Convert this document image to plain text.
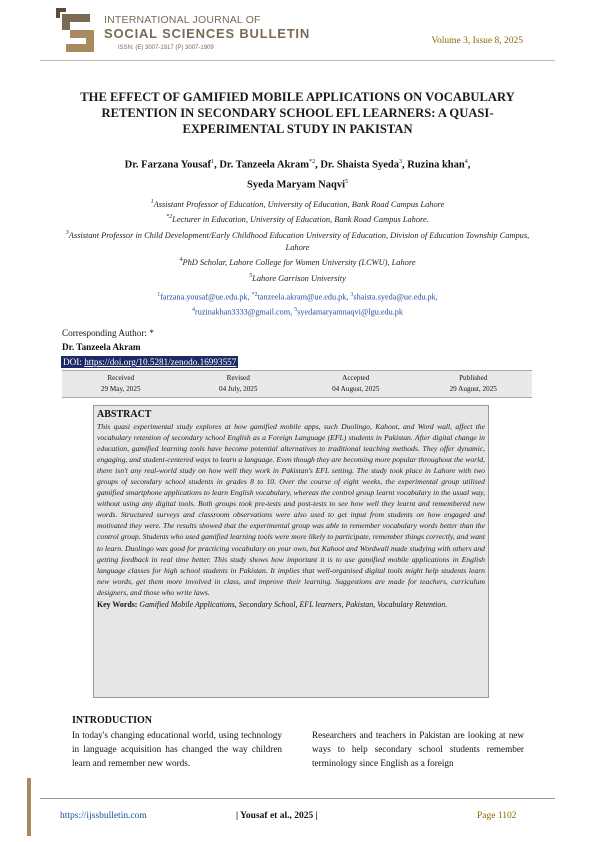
INTERNATIONAL JOURNAL OF
SOCIAL SCIENCES BULLETIN
ISSN: (E) 3007-1917 (P) 3007-1909
Volume 3, Issue 8, 2025
THE EFFECT OF GAMIFIED MOBILE APPLICATIONS ON VOCABULARY
RETENTION IN SECONDARY SCHOOL EFL LEARNERS: A QUASI-
EXPERIMENTAL STUDY IN PAKISTAN
Dr. Farzana Yousaf$^1$, Dr. Tanzeela Akram$^{*2}$, Dr. Shaista Syeda$^3$, Ruzina khan$^4$,
Syeda Maryam Naqvi$^5$
$^1$Assistant Professor of Education, University of Education, Bank Road Campus Lahore
$^{*2}$Lecturer in Education, University of Education, Bank Road Campus Lahore.
$^3$Assistant Professor in Child Development/Early Childhood Education University of Education, Division of Education Township Campus, Lahore
$^4$PhD Scholar, Lahore College for Women University (LCWU), Lahore
$^5$Lahore Garrison University
$^1$farzana.yousaf@ue.edu.pk, $^{*2}$tanzeela.akram@ue.edu.pk, $^3$shaista.syeda@ue.edu.pk,
$^4$ruzinakhan3333@gmail.com, $^5$syedamaryamnaqvi@lgu.edu.pk
Corresponding Author: *
Dr. Tanzeela Akram
DOI: https://doi.org/10.5281/zenodo.16993557
Received
29 May, 2025
Revised
04 July, 2025
Accepted
04 August, 2025
Published
29 August, 2025
ABSTRACT
This quasi experimental study explores at how gamified mobile apps, such Duolingo, Kahoot, and Word wall, affect the vocabulary retention of secondary school English as a Foreign Language (EFL) students in Pakistan. After digital change in education, gamified learning tools have become potential alternatives to traditional teaching methods. They offer dynamic, engaging, and student-centered ways to learn a language. Even though they are becoming more popular throughout the world, there isn't any real-world study on how well they work in Pakistan's EFL setting. The study took place in Lahore with two groups of secondary school students in grades 8 to 10. Over the course of eight weeks, the experimental group utilised gamified smartphone applications to learn English vocabulary, whereas the control group learnt vocabulary in the usual way, without using any digital tools. Both groups took pre-tests and post-tests to see how well they learnt and remembered new words. Structured surveys and classroom observations were also used to get input from students on how engaged and motivated they were. The results showed that the experimental group was able to remember vocabulary words better than the control group. Students who used gamified learning tools were more likely to participate, remember things correctly, and want to learn. Duolingo was good for practicing vocabulary on your own, but Kahoot and Wordwall made studying with others and getting feedback in real time better. This study shows how important it is to use gamified mobile applications in English language classes for high school students in Pakistan. It implies that well-organised digital tools might help students learn new words, get them more involved in class, and improve their learning. Suggestions are made for teachers, curriculum designers, and those who write laws.
Key Words: Gamified Mobile Applications, Secondary School, EFL learners, Pakistan, Vocabulary Retention.
INTRODUCTION
In today's changing educational world, using technology in language acquisition has changed the way children learn and remember new words.
Researchers and teachers in Pakistan are looking at new ways to help secondary school students remember terminology since English as a foreign
https://ijssbulletin.com	| Yousaf et al., 2025 |	Page 1102
